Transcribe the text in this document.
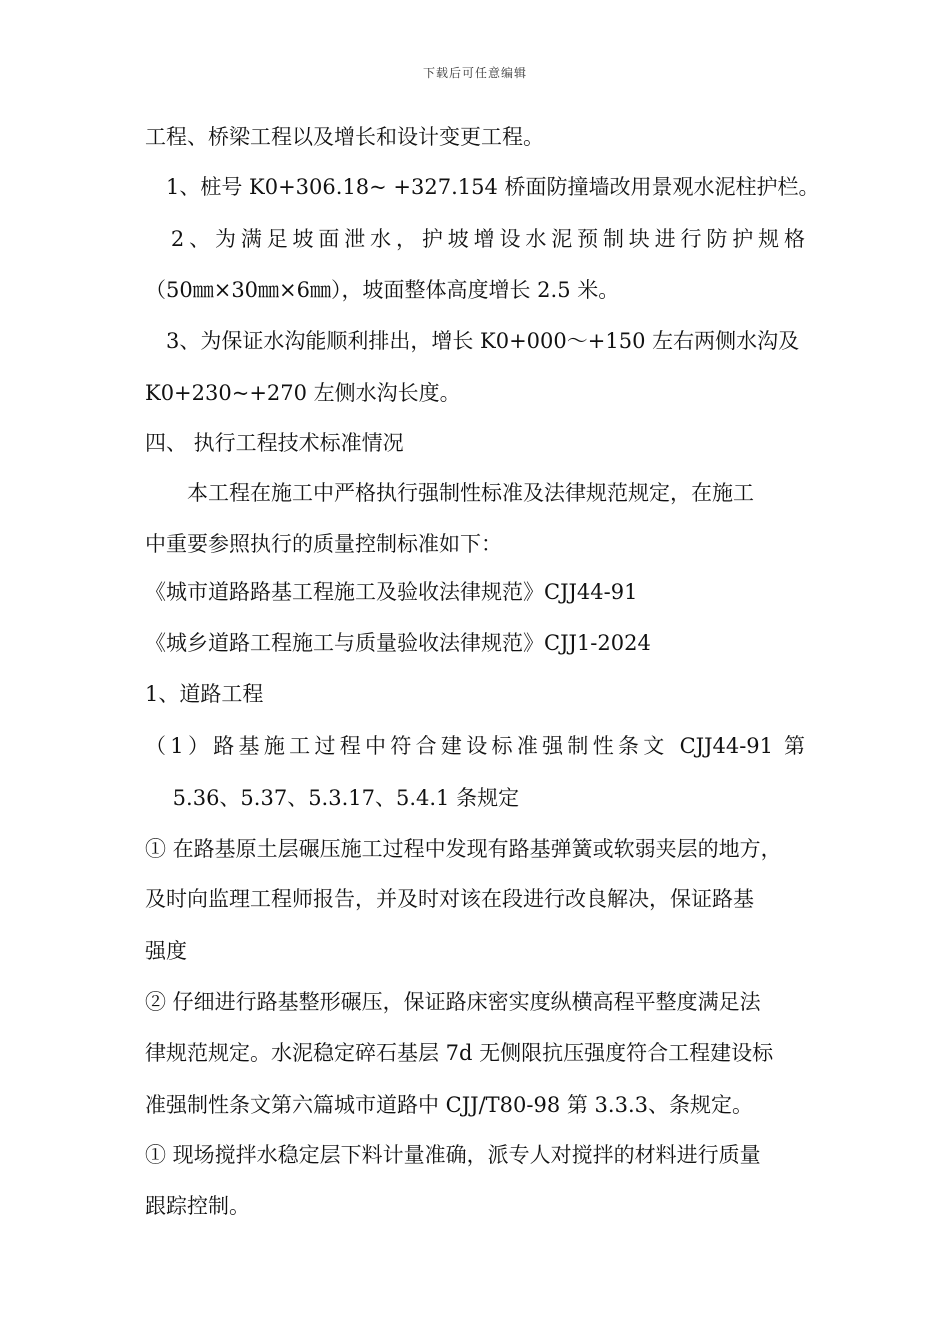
下载后可任意编辑
工程、桥梁工程以及增长和设计变更工程。
　1、桩号 K0+306.18~ +327.154 桥面防撞墙改用景观水泥柱护栏。
　2、为满足坡面泄水，护坡增设水泥预制块进行防护规格
（50㎜×30㎜×6㎜），坡面整体高度增长 2.5 米。
　3、为保证水沟能顺利排出，增长 K0+000～+150 左右两侧水沟及
K0+230~+270 左侧水沟长度。
四、 执行工程技术标准情况
　　本工程在施工中严格执行强制性标准及法律规范规定，在施工
中重要参照执行的质量控制标准如下：
《城市道路路基工程施工及验收法律规范》CJJ44-91
《城乡道路工程施工与质量验收法律规范》CJJ1-2024
1、道路工程
（1）路基施工过程中符合建设标准强制性条文 CJJ44-91 第
　 5.36、5.37、5.3.17、5.4.1 条规定
① 在路基原土层碾压施工过程中发现有路基弹簧或软弱夹层的地方，
及时向监理工程师报告，并及时对该在段进行改良解决，保证路基
强度
② 仔细进行路基整形碾压，保证路床密实度纵横高程平整度满足法
律规范规定。水泥稳定碎石基层 7d 无侧限抗压强度符合工程建设标
准强制性条文第六篇城市道路中 CJJ/T80-98 第 3.3.3、条规定。
① 现场搅拌水稳定层下料计量准确，派专人对搅拌的材料进行质量
跟踪控制。
